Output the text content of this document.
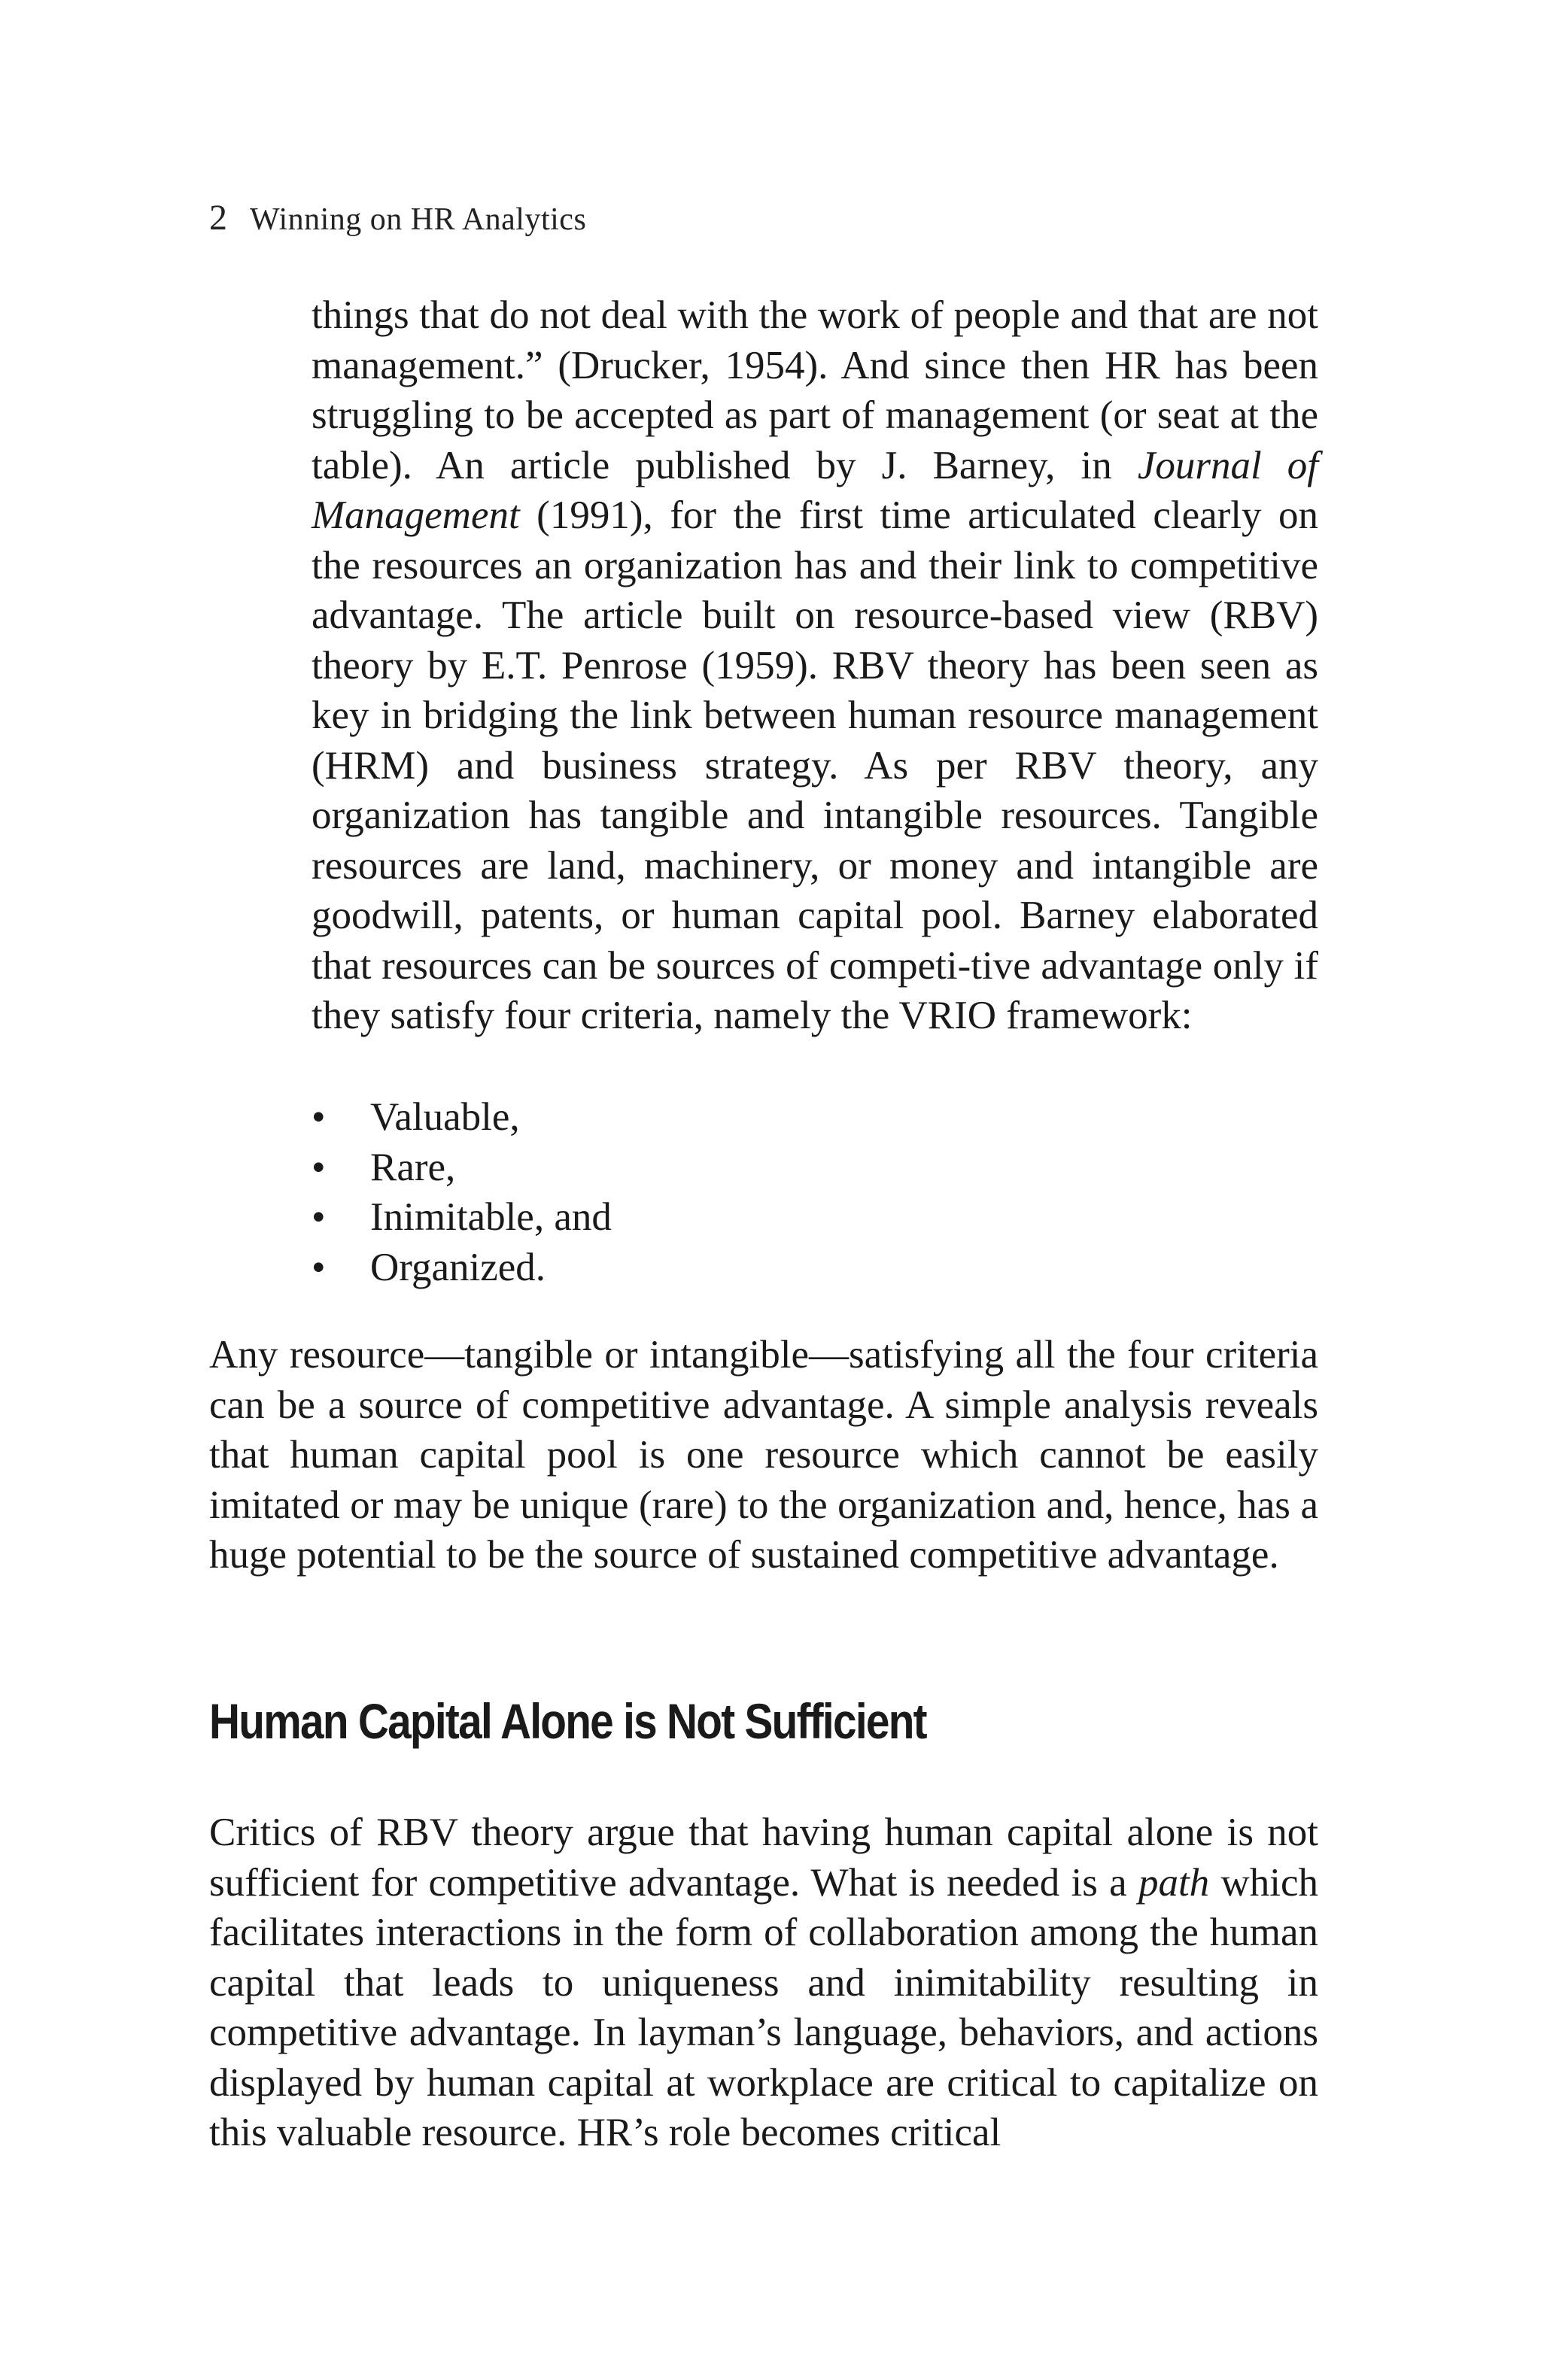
2 Winning on HR Analytics

things that do not deal with the work of people and that are not management.” (Drucker, 1954). And since then HR has been struggling to be accepted as part of management (or seat at the table). An article published by J. Barney, in Journal of Management (1991), for the first time articulated clearly on the resources an organization has and their link to competitive advantage. The article built on resource-based view (RBV) theory by E.T. Penrose (1959). RBV theory has been seen as key in bridging the link between human resource management (HRM) and business strategy. As per RBV theory, any organization has tangible and intangible resources. Tangible resources are land, machinery, or money and intangible are goodwill, patents, or human capital pool. Barney elaborated that resources can be sources of competi-tive advantage only if they satisfy four criteria, namely the VRIO framework:

• Valuable,
• Rare,
• Inimitable, and
• Organized.

Any resource—tangible or intangible—satisfying all the four criteria can be a source of competitive advantage. A simple analysis reveals that human capital pool is one resource which cannot be easily imitated or may be unique (rare) to the organization and, hence, has a huge potential to be the source of sustained competitive advantage.

Human Capital Alone is Not Sufficient

Critics of RBV theory argue that having human capital alone is not sufficient for competitive advantage. What is needed is a path which facilitates interactions in the form of collaboration among the human capital that leads to uniqueness and inimitability resulting in competitive advantage. In layman’s language, behaviors, and actions displayed by human capital at workplace are critical to capitalize on this valuable resource. HR’s role becomes critical
